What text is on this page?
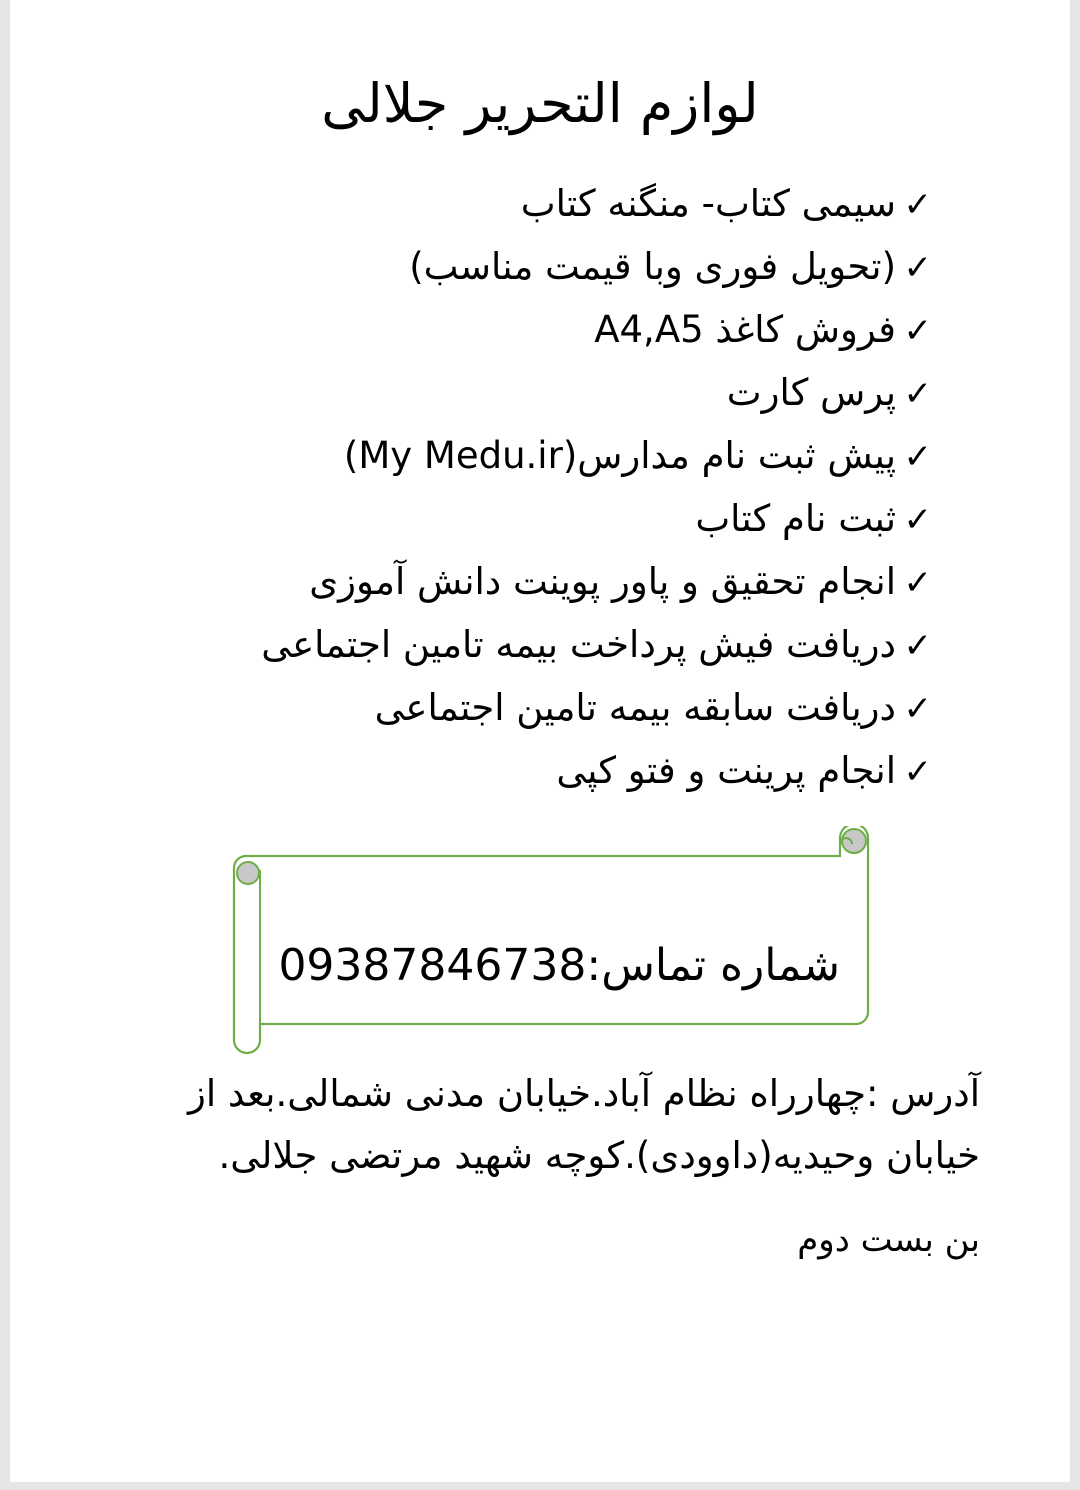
لوازم التحریر جلالی
✓سیمی کتاب- منگنه کتاب
✓(تحویل فوری وبا قیمت مناسب)
✓فروش کاغذ A4,A5
✓پرس کارت
✓پیش ثبت نام مدارس(My Medu.ir)
✓ثبت نام کتاب
✓انجام تحقیق و پاور پوینت دانش آموزی
✓دریافت فیش پرداخت بیمه تامین اجتماعی
✓دریافت سابقه بیمه تامین اجتماعی
✓انجام پرینت و فتو کپی
شماره تماس:09387846738
آدرس :چهارراه نظام آباد.خیابان مدنی شمالی.بعد از
خیابان وحیدیه(داوودی).کوچه شهید مرتضی جلالی.
بن بست دوم
